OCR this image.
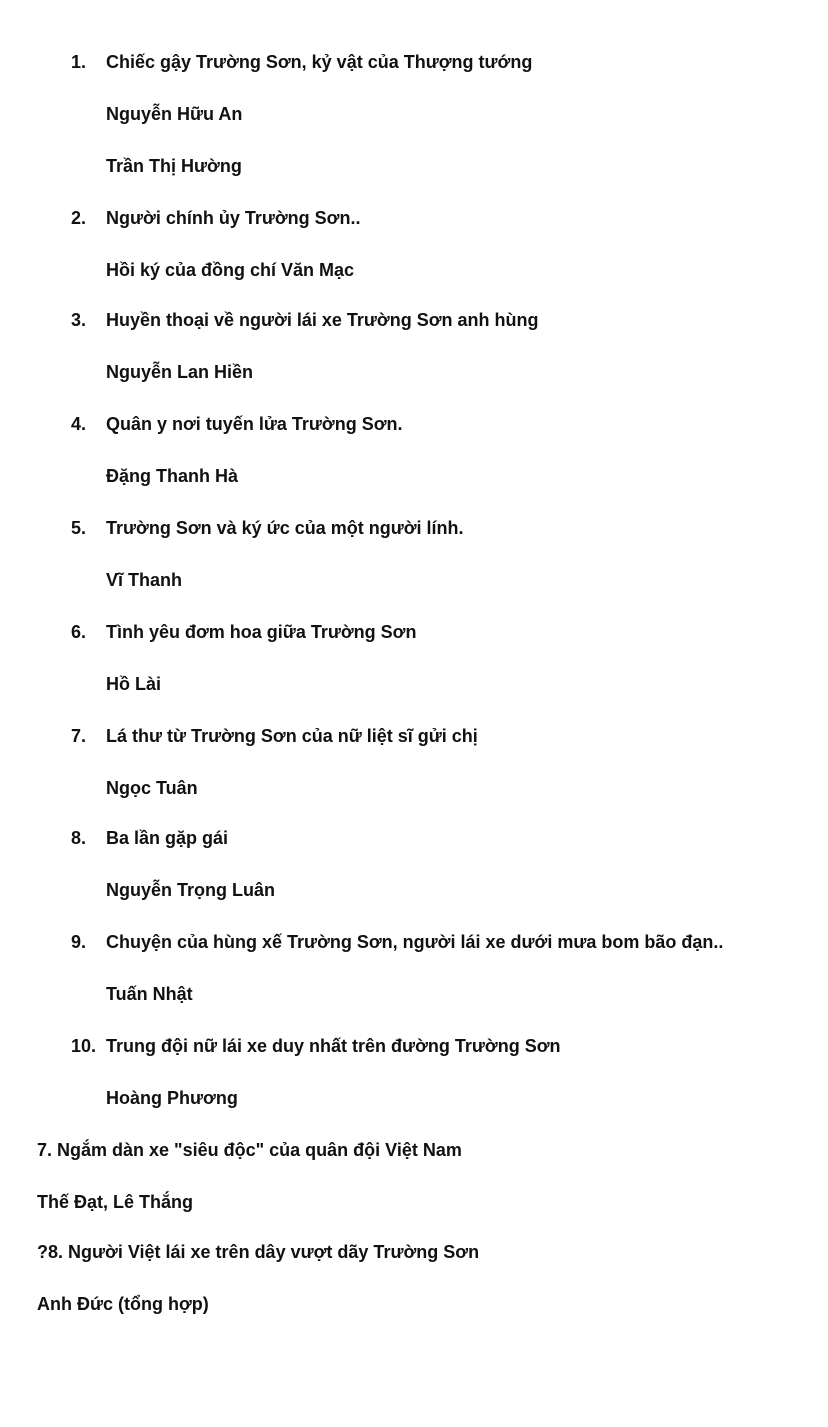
1. Chiếc gậy Trường Sơn, kỷ vật của Thượng tướng
Nguyễn Hữu An
Trần Thị Hường
2. Người chính ủy Trường Sơn..
Hồi ký của đồng chí Văn Mạc
3. Huyền thoại về người lái xe Trường Sơn anh hùng
Nguyễn Lan Hiền
4. Quân y nơi tuyến lửa Trường Sơn.
Đặng Thanh Hà
5. Trường Sơn và ký ức của một người lính.
Vĩ Thanh
6. Tình yêu đơm hoa giữa Trường Sơn
Hồ Lài
7. Lá thư từ Trường Sơn của nữ liệt sĩ gửi chị
Ngọc Tuân
8. Ba lần gặp gái
Nguyễn Trọng Luân
9. Chuyện của hùng xế Trường Sơn, người lái xe dưới mưa bom bão đạn..
Tuấn Nhật
10. Trung đội nữ lái xe duy nhất trên đường Trường Sơn
Hoàng Phương
7. Ngắm dàn xe "siêu độc" của quân đội Việt Nam
Thế Đạt, Lê Thắng
?8. Người Việt lái xe trên dây vượt dãy Trường Sơn
Anh Đức (tổng hợp)
